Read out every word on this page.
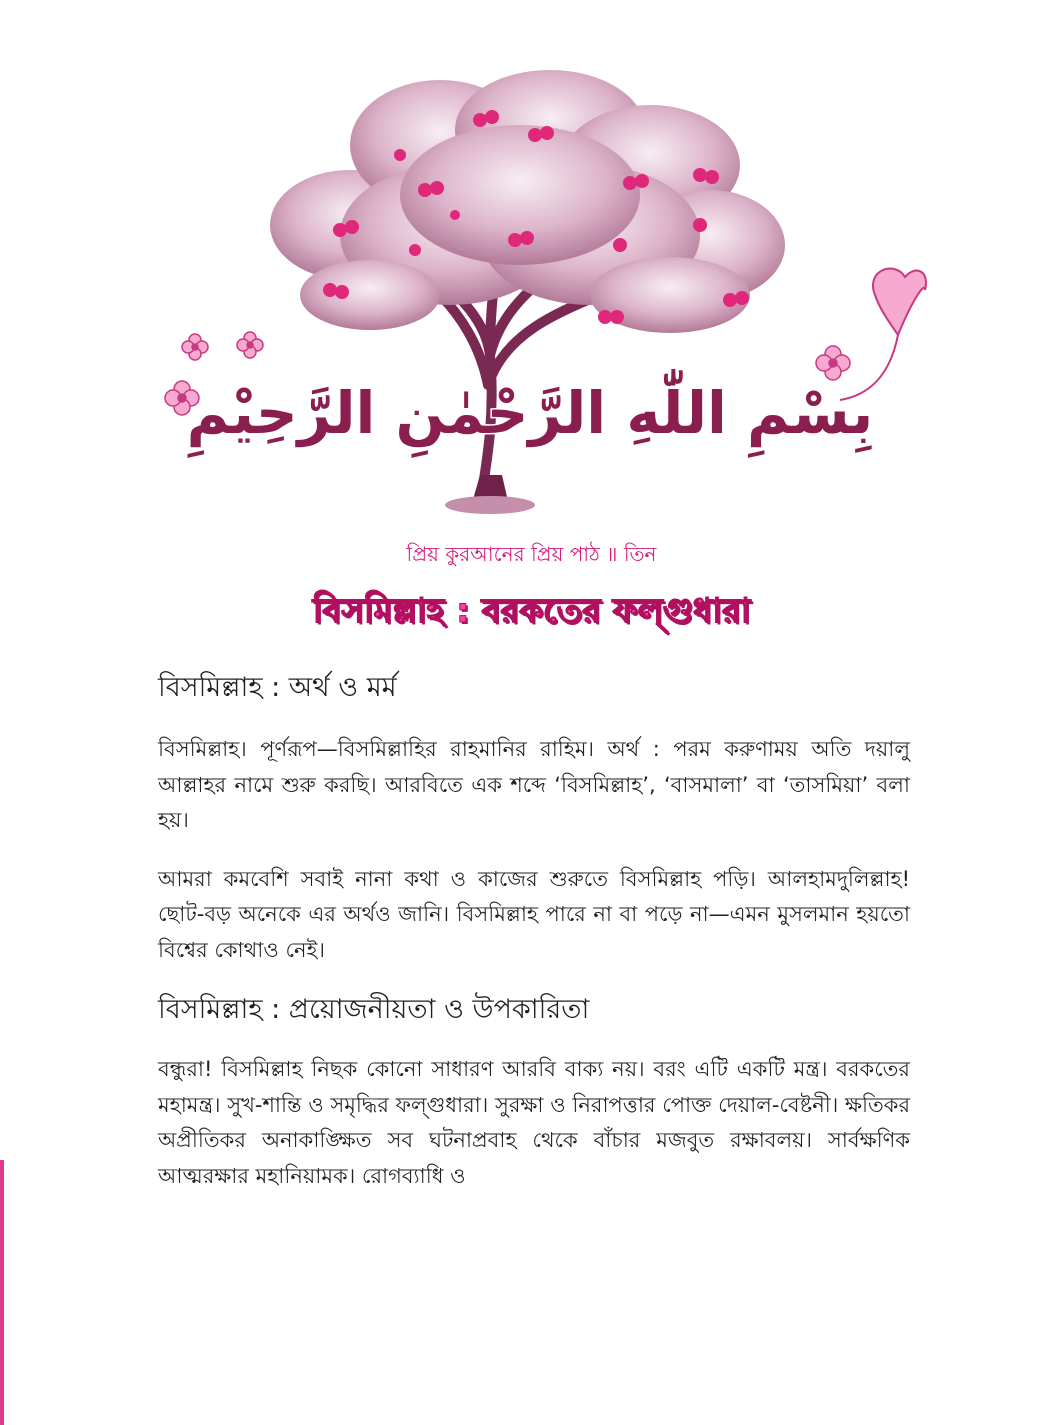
بِسْمِ اللّٰهِ الرَّحْمٰنِ الرَّحِيْمِ
প্রিয় কুরআনের প্রিয় পাঠ ॥ তিন
বিসমিল্লাহ : বরকতের ফল্গুধারা
বিসমিল্লাহ : অর্থ ও মর্ম

বিসমিল্লাহ। পূর্ণরূপ—বিসমিল্লাহির রাহমানির রাহিম। অর্থ : পরম করুণাময় অতি দয়ালু আল্লাহর নামে শুরু করছি। আরবিতে এক শব্দে ‘বিসমিল্লাহ’, ‘বাসমালা’ বা ‘তাসমিয়া’ বলা হয়।

আমরা কমবেশি সবাই নানা কথা ও কাজের শুরুতে বিসমিল্লাহ পড়ি। আলহামদুলিল্লাহ! ছোট-বড় অনেকে এর অর্থও জানি। বিসমিল্লাহ পারে না বা পড়ে না—এমন মুসলমান হয়তো বিশ্বের কোথাও নেই।

বিসমিল্লাহ : প্রয়োজনীয়তা ও উপকারিতা

বন্ধুরা! বিসমিল্লাহ নিছক কোনো সাধারণ আরবি বাক্য নয়। বরং এটি একটি মন্ত্র। বরকতের মহামন্ত্র। সুখ-শান্তি ও সমৃদ্ধির ফল্গুধারা। সুরক্ষা ও নিরাপত্তার পোক্ত দেয়াল-বেষ্টনী। ক্ষতিকর অপ্রীতিকর অনাকাঙ্ক্ষিত সব ঘটনাপ্রবাহ থেকে বাঁচার মজবুত রক্ষাবলয়। সার্বক্ষণিক আত্মরক্ষার মহানিয়ামক। রোগব্যাধি ও
